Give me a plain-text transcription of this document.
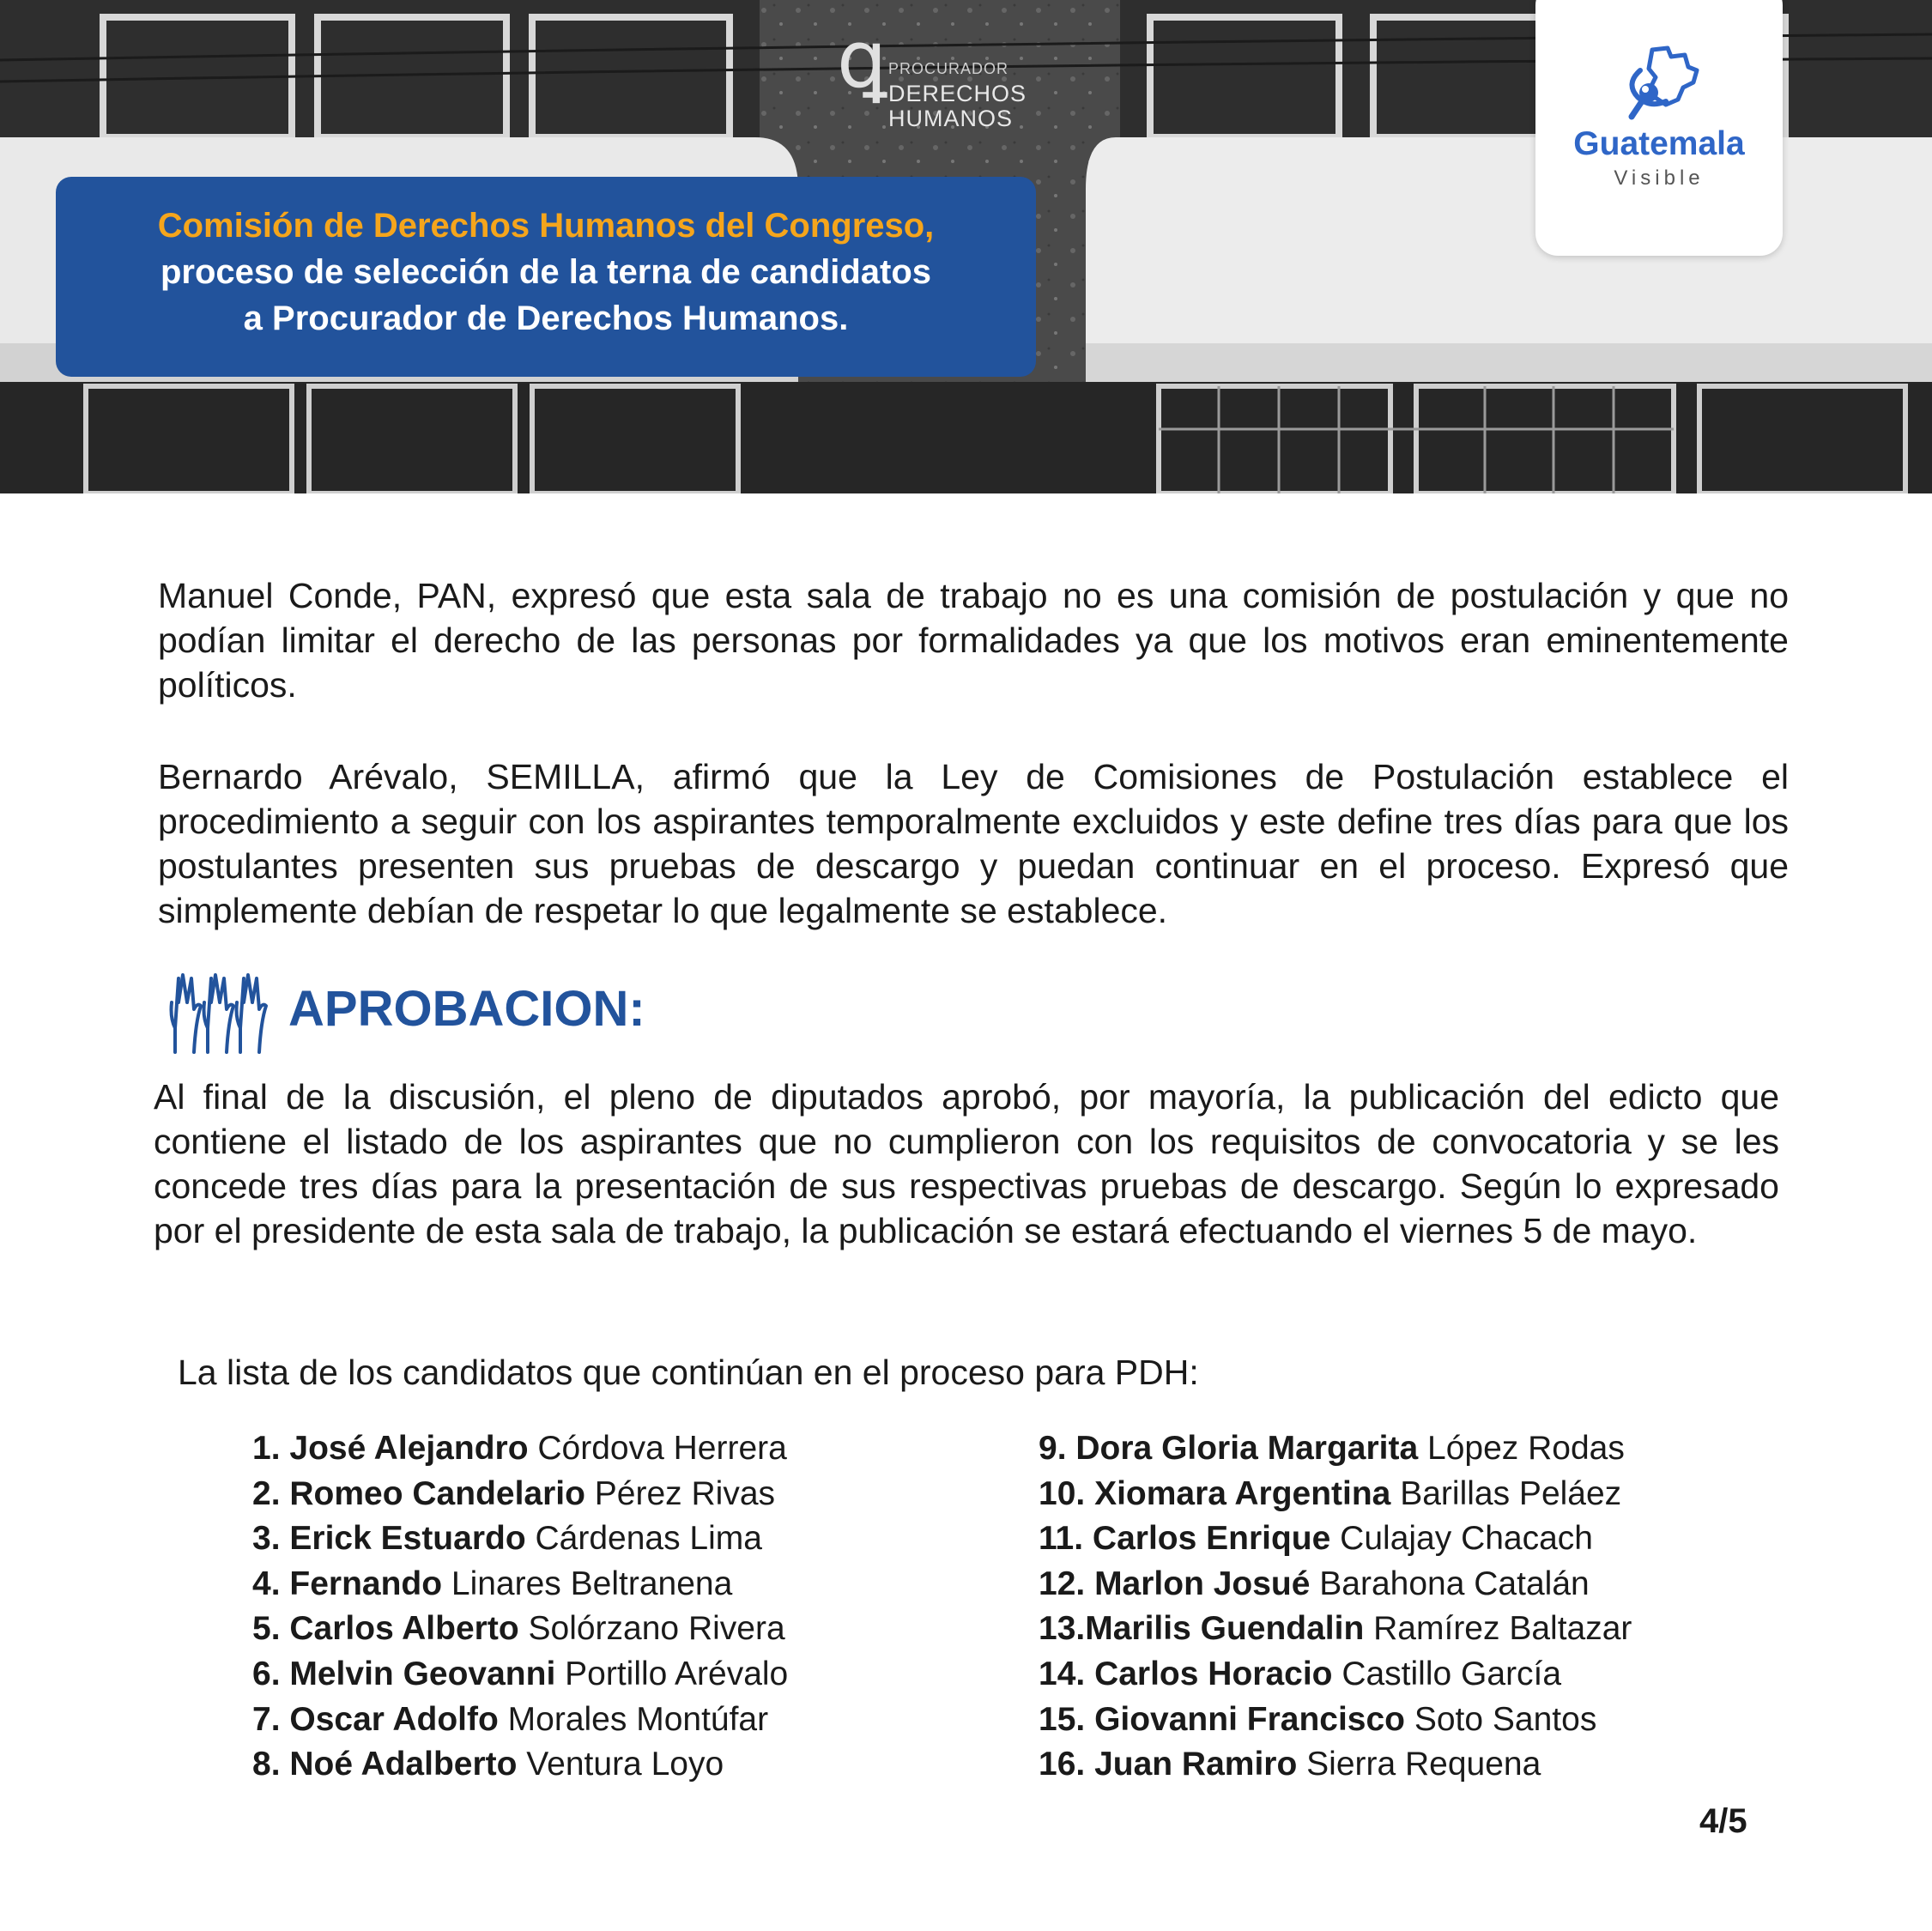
ꝗ PROCURADOR
DERECHOS
HUMANOS
Comisión de Derechos Humanos del Congreso,
proceso de selección de la terna de candidatos
a Procurador de Derechos Humanos.
Guatemala
Visible
Manuel Conde, PAN, expresó que esta sala de trabajo no es una comisión de postulación y que no podían limitar el derecho de las personas por formalidades ya que los motivos eran eminentemente políticos.
Bernardo Arévalo, SEMILLA, afirmó que la Ley de Comisiones de Postulación establece el procedimiento a seguir con los aspirantes temporalmente excluidos y este define tres días para que los postulantes presenten sus pruebas de descargo y puedan continuar en el proceso. Expresó que simplemente debían de respetar lo que legalmente se establece.
APROBACION:
Al final de la discusión, el pleno de diputados aprobó, por mayoría, la publicación del edicto que contiene el listado de los aspirantes que no cumplieron con los requisitos de convocatoria y se les concede tres días para la presentación de sus respectivas pruebas de descargo. Según lo expresado por el presidente de esta sala de trabajo, la publicación se estará efectuando el viernes 5 de mayo.
La lista de los candidatos que continúan en el proceso para PDH:
1. José Alejandro Córdova Herrera
2. Romeo Candelario Pérez Rivas
3. Erick Estuardo Cárdenas Lima
4. Fernando Linares Beltranena
5. Carlos Alberto Solórzano Rivera
6. Melvin Geovanni Portillo Arévalo
7. Oscar Adolfo Morales Montúfar
8. Noé Adalberto Ventura Loyo
9. Dora Gloria Margarita López Rodas
10. Xiomara Argentina Barillas Peláez
11. Carlos Enrique Culajay Chacach
12. Marlon Josué Barahona Catalán
13.Marilis Guendalin Ramírez Baltazar
14. Carlos Horacio Castillo García
15. Giovanni Francisco Soto Santos
16. Juan Ramiro Sierra Requena
4/5
